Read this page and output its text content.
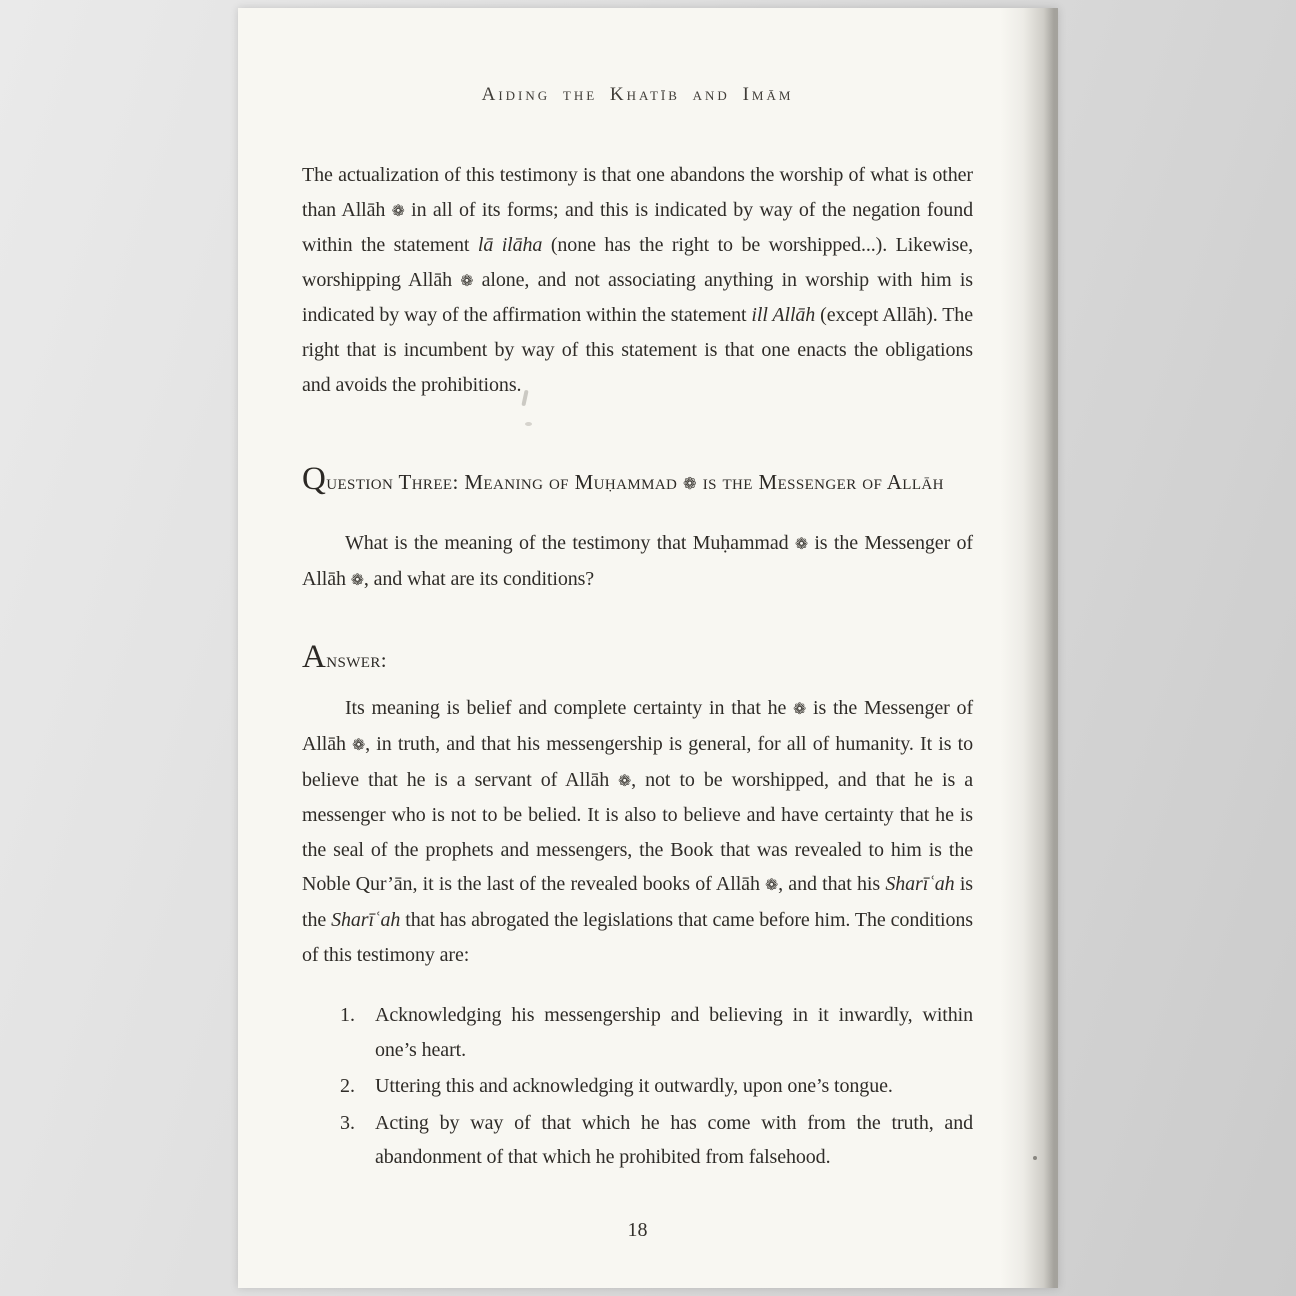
Aiding the Khatīb and Imām

The actualization of this testimony is that one abandons the worship of what is other than Allāh ❁ in all of its forms; and this is indicated by way of the negation found within the statement lā ilāha (none has the right to be worshipped...). Likewise, worshipping Allāh ❁ alone, and not associating anything in worship with him is indicated by way of the affirmation within the statement ill Allāh (except Allāh). The right that is incumbent by way of this statement is that one enacts the obligations and avoids the prohibitions.

Question Three: Meaning of Muḥammad ❁ is the Messenger of Allāh

What is the meaning of the testimony that Muḥammad ❁ is the Messenger of Allāh ❁, and what are its conditions?

Answer:

Its meaning is belief and complete certainty in that he ❁ is the Messenger of Allāh ❁, in truth, and that his messengership is general, for all of humanity. It is to believe that he is a servant of Allāh ❁, not to be worshipped, and that he is a messenger who is not to be belied. It is also to believe and have certainty that he is the seal of the prophets and messengers, the Book that was revealed to him is the Noble Qur’ān, it is the last of the revealed books of Allāh ❁, and that his Sharīʿah is the Sharīʿah that has abrogated the legislations that came before him. The conditions of this testimony are:

1.	Acknowledging his messengership and believing in it inwardly, within one’s heart.
2.	Uttering this and acknowledging it outwardly, upon one’s tongue.
3.	Acting by way of that which he has come with from the truth, and abandonment of that which he prohibited from falsehood.
18
